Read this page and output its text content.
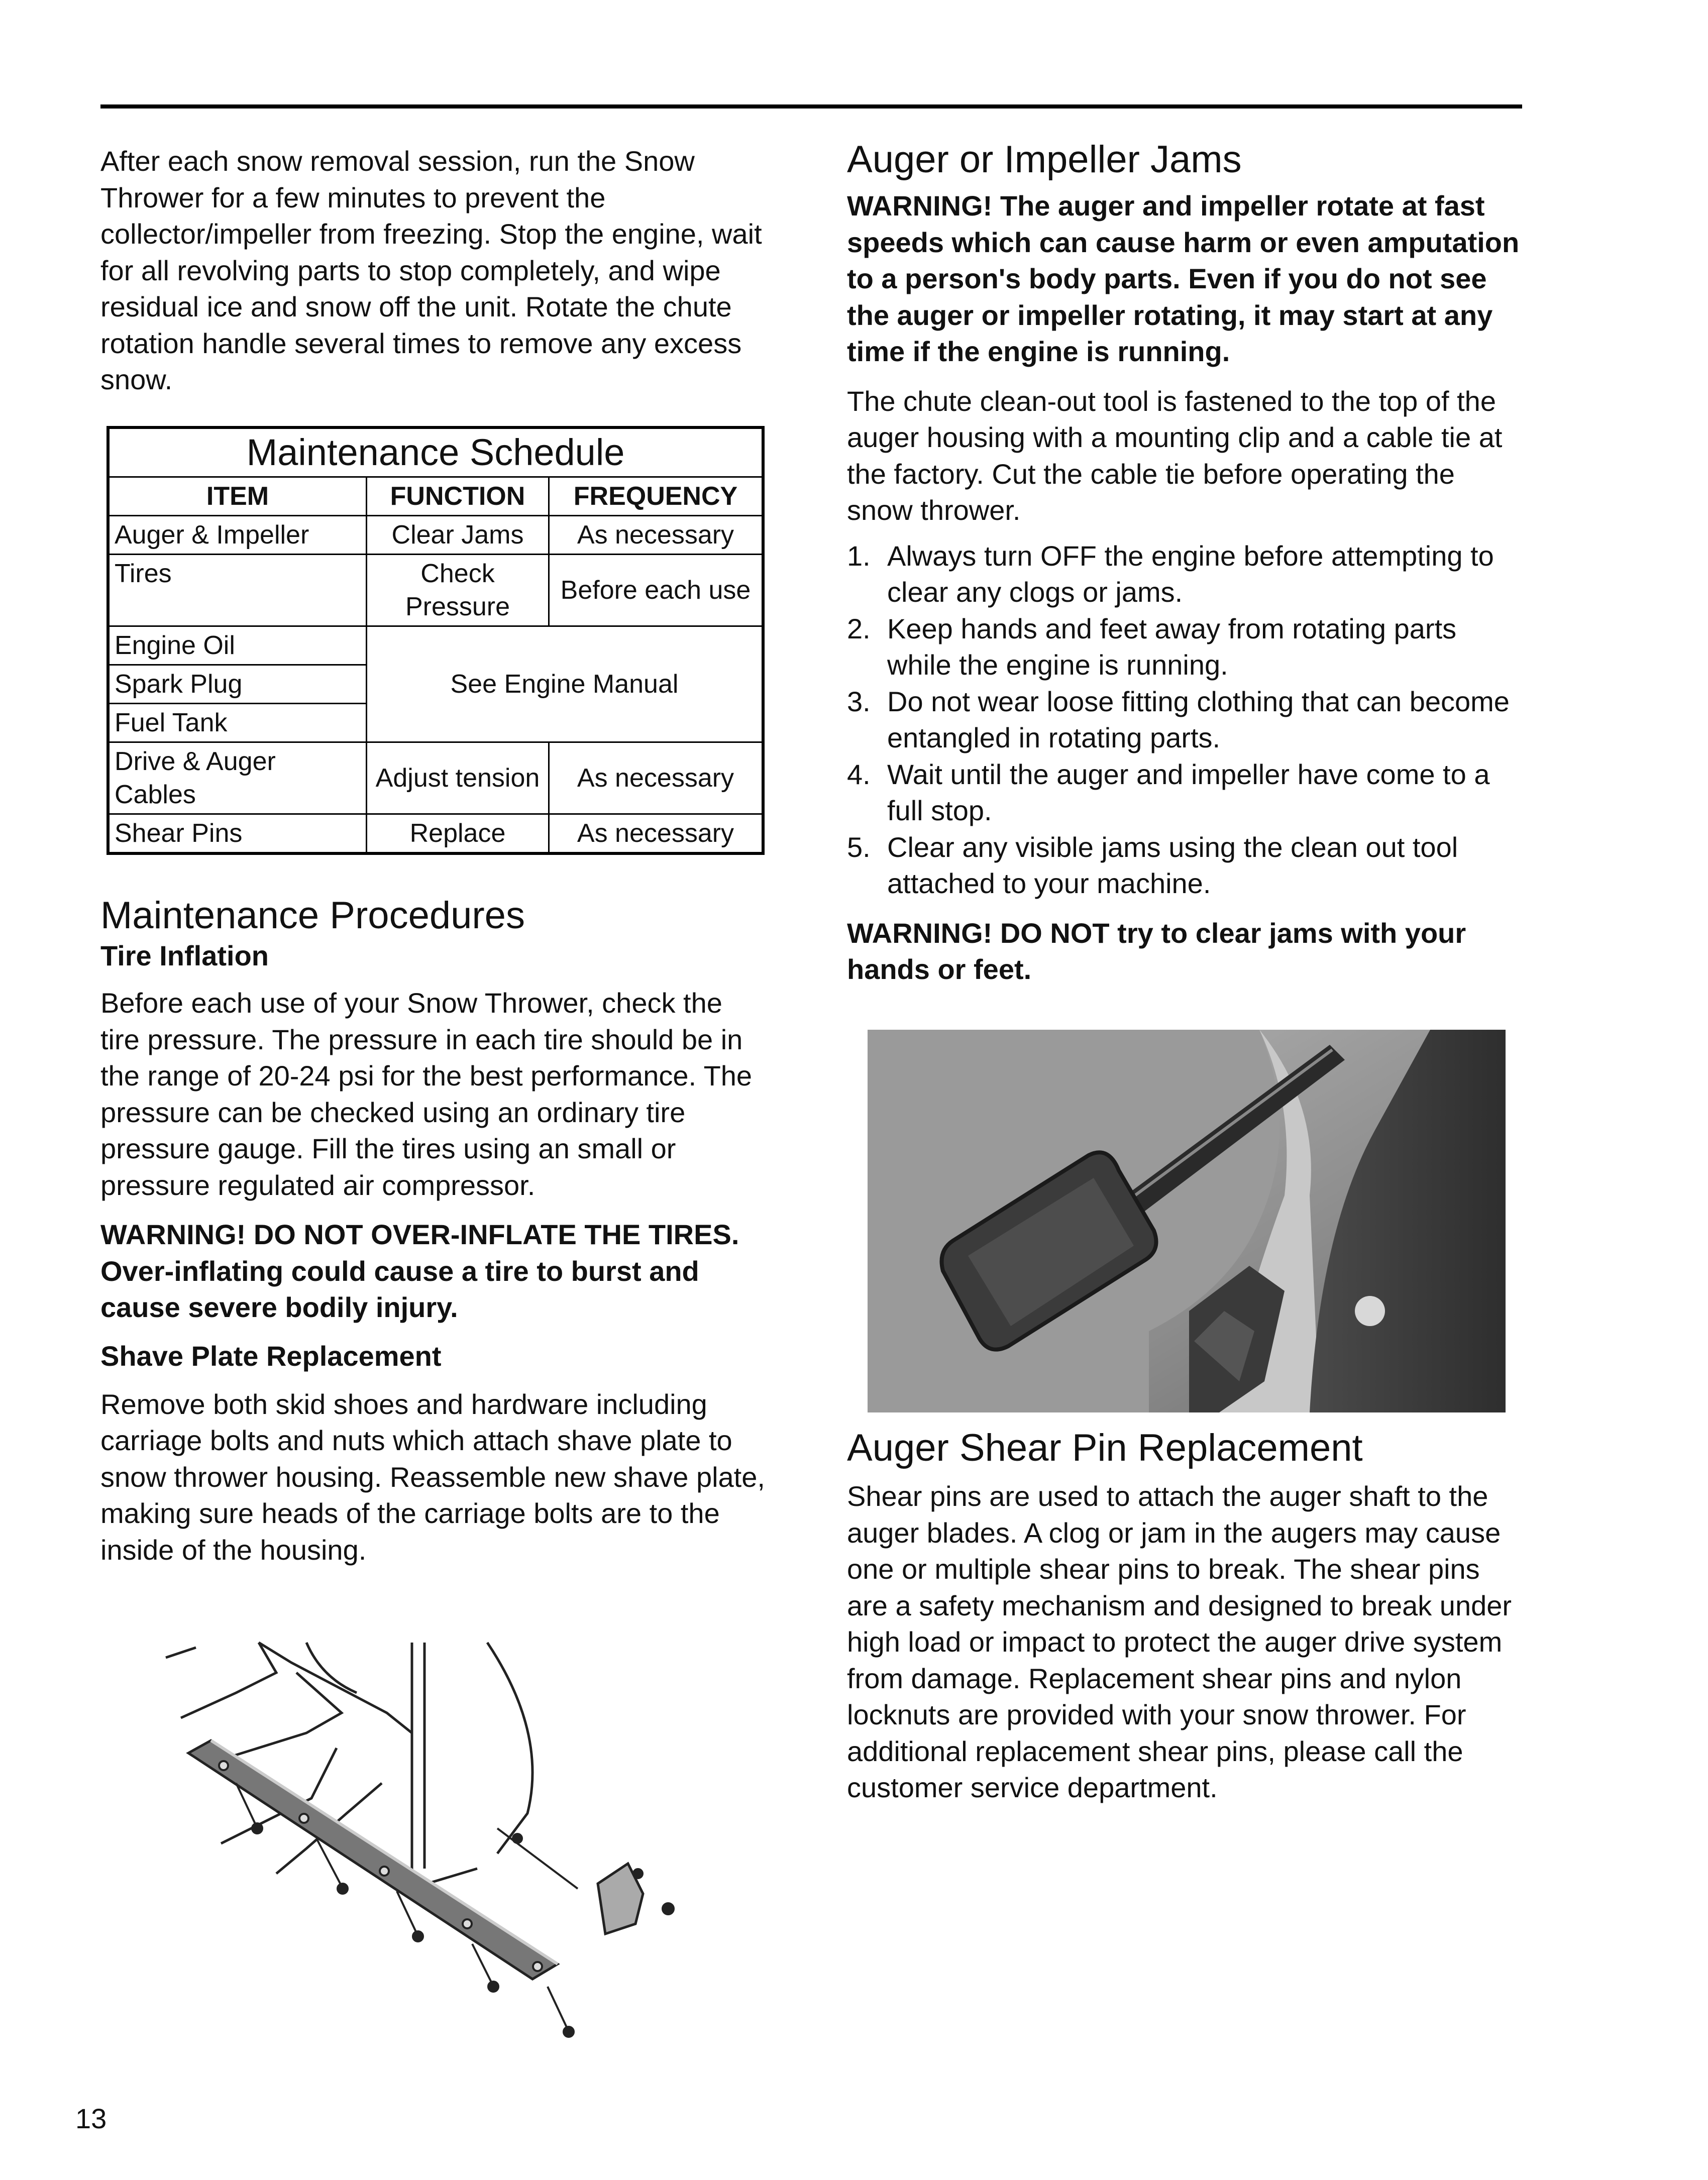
After each snow removal session, run the Snow Thrower for a few minutes to prevent the collector/impeller from freezing. Stop the engine, wait for all revolving parts to stop completely, and wipe residual ice and snow off the unit. Rotate the chute rotation handle several times to remove any excess snow.

Maintenance Schedule		
ITEM	FUNCTION	FREQUENCY
Auger & Impeller	Clear Jams	As necessary
Tires	Check Pressure	Before each use
Engine Oil	See Engine Manual	
Spark Plug		
Fuel Tank		
Drive & Auger Cables	Adjust tension	As necessary
Shear Pins	Replace	As necessary
Maintenance Procedures
Tire Inflation

Before each use of your Snow Thrower, check the tire pressure. The pressure in each tire should be in the range of 20-24 psi for the best performance. The pressure can be checked using an ordinary tire pressure gauge. Fill the tires using an small or pressure regulated air compressor.

WARNING! DO NOT OVER-INFLATE THE TIRES. Over-inflating could cause a tire to burst and cause severe bodily injury.

Shave Plate Replacement

Remove both skid shoes and hardware including carriage bolts and nuts which attach shave plate to snow thrower housing. Reassemble new shave plate, making sure heads of the carriage bolts are to the inside of the housing.

Auger or Impeller Jams

WARNING! The auger and impeller rotate at fast speeds which can cause harm or even amputation to a person's body parts. Even if you do not see the auger or impeller rotating, it may start at any time if the engine is running.

The chute clean-out tool is fastened to the top of the auger housing with a mounting clip and a cable tie at the factory. Cut the cable tie before operating the snow thrower.

1. Always turn OFF the engine before attempting to clear any clogs or jams.
2. Keep hands and feet away from rotating parts while the engine is running.
3. Do not wear loose fitting clothing that can become entangled in rotating parts.
4. Wait until the auger and impeller have come to a full stop.
5. Clear any visible jams using the clean out tool attached to your machine.

WARNING! DO NOT try to clear jams with your hands or feet.

Auger Shear Pin Replacement

Shear pins are used to attach the auger shaft to the auger blades. A clog or jam in the augers may cause one or multiple shear pins to break. The shear pins are a safety mechanism and designed to break under high load or impact to protect the auger drive system from damage. Replacement shear pins and nylon locknuts are provided with your snow thrower. For additional replacement shear pins, please call the customer service department.

13
